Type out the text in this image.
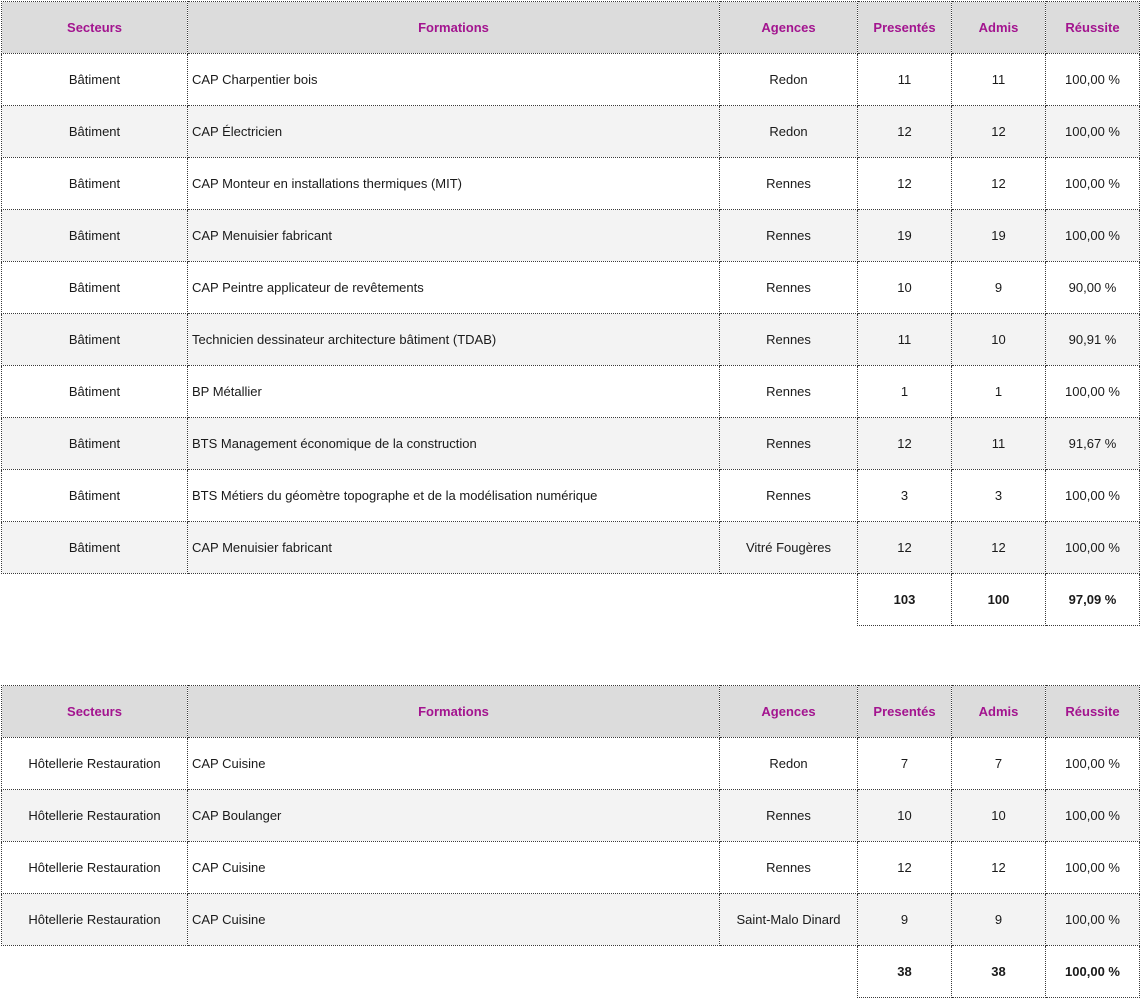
Secteurs	Formations	Agences	Presentés	Admis	Réussite
Bâtiment	CAP Charpentier bois	Redon	11	11	100,00 %
Bâtiment	CAP Électricien	Redon	12	12	100,00 %
Bâtiment	CAP Monteur en installations thermiques (MIT)	Rennes	12	12	100,00 %
Bâtiment	CAP Menuisier fabricant	Rennes	19	19	100,00 %
Bâtiment	CAP Peintre applicateur de revêtements	Rennes	10	9	90,00 %
Bâtiment	Technicien dessinateur architecture bâtiment (TDAB)	Rennes	11	10	90,91 %
Bâtiment	BP Métallier	Rennes	1	1	100,00 %
Bâtiment	BTS Management économique de la construction	Rennes	12	11	91,67 %
Bâtiment	BTS Métiers du géomètre topographe et de la modélisation numérique	Rennes	3	3	100,00 %
Bâtiment	CAP Menuisier fabricant	Vitré Fougères	12	12	100,00 %
			103	100	97,09 %
Secteurs	Formations	Agences	Presentés	Admis	Réussite
Hôtellerie Restauration	CAP Cuisine	Redon	7	7	100,00 %
Hôtellerie Restauration	CAP Boulanger	Rennes	10	10	100,00 %
Hôtellerie Restauration	CAP Cuisine	Rennes	12	12	100,00 %
Hôtellerie Restauration	CAP Cuisine	Saint-Malo Dinard	9	9	100,00 %
			38	38	100,00 %
